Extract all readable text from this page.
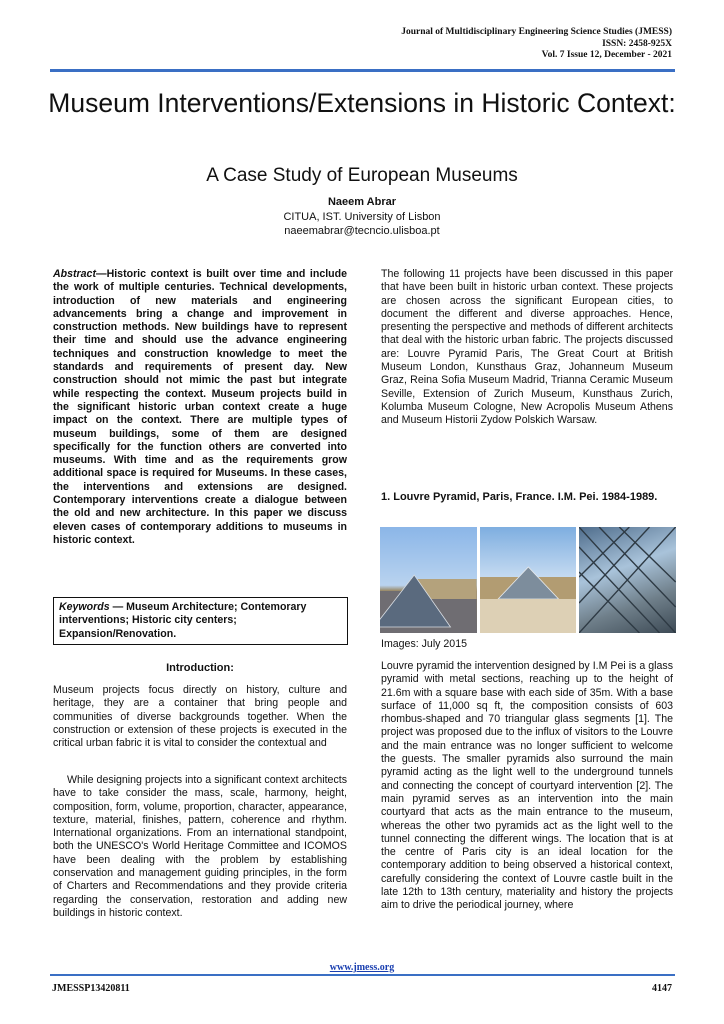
Journal of Multidisciplinary Engineering Science Studies (JMESS)
ISSN: 2458-925X
Vol. 7 Issue 12, December - 2021
Museum Interventions/Extensions in Historic Context:
A Case Study of European Museums
Naeem Abrar
CITUA, IST. University of Lisbon
naeemabrar@tecncio.ulisboa.pt
Abstract—Historic context is built over time and include the work of multiple centuries. Technical developments, introduction of new materials and engineering advancements bring a change and improvement in construction methods. New buildings have to represent their time and should use the advance engineering techniques and construction knowledge to meet the standards and requirements of present day. New construction should not mimic the past but integrate while respecting the context. Museum projects build in the significant historic urban context create a huge impact on the context. There are multiple types of museum buildings, some of them are designed specifically for the function others are converted into museums. With time and as the requirements grow additional space is required for Museums. In these cases, the interventions and extensions are designed. Contemporary interventions create a dialogue between the old and new architecture. In this paper we discuss eleven cases of contemporary additions to museums in historic context.
Keywords — Museum Architecture; Contemorary interventions; Historic city centers; Expansion/Renovation.
Introduction:
Museum projects focus directly on history, culture and heritage, they are a container that bring people and communities of diverse backgrounds together. When the construction or extension of these projects is executed in the critical urban fabric it is vital to consider the contextual and
While designing projects into a significant context architects have to take consider the mass, scale, harmony, height, composition, form, volume, proportion, character, appearance, texture, material, finishes, pattern, coherence and rhythm. International organizations. From an international standpoint, both the UNESCO's World Heritage Committee and ICOMOS have been dealing with the problem by establishing conservation and management guiding principles, in the form of Charters and Recommendations and they provide criteria regarding the conservation, restoration and adding new buildings in historic context.
The following 11 projects have been discussed in this paper that have been built in historic urban context. These projects are chosen across the significant European cities, to document the different and diverse approaches. Hence, presenting the perspective and methods of different architects that deal with the historic urban fabric. The projects discussed are: Louvre Pyramid Paris, The Great Court at British Museum London, Kunsthaus Graz, Johanneum Museum Graz, Reina Sofia Museum Madrid, Trianna Ceramic Museum Seville, Extension of Zurich Museum, Kunsthaus Zurich, Kolumba Museum Cologne, New Acropolis Museum Athens and Museum Historii Zydow Polskich Warsaw.
1. Louvre Pyramid, Paris, France. I.M. Pei. 1984-1989.
Images: July 2015
Louvre pyramid the intervention designed by I.M Pei is a glass pyramid with metal sections, reaching up to the height of 21.6m with a square base with each side of 35m. With a base surface of 11,000 sq ft, the composition consists of 603 rhombus-shaped and 70 triangular glass segments [1]. The project was proposed due to the influx of visitors to the Louvre and the main entrance was no longer sufficient to welcome the guests. The smaller pyramids also surround the main pyramid acting as the light well to the underground tunnels and connecting the concept of courtyard intervention [2]. The main pyramid serves as an intervention into the main courtyard that acts as the main entrance to the museum, whereas the other two pyramids act as the light well to the tunnel connecting the different wings. The location that is at the centre of Paris city is an ideal location for the contemporary addition to being observed a historical context, carefully considering the context of Louvre castle built in the late 12th to 13th century, materiality and history the projects aim to drive the periodical journey, where
www.jmess.org
JMESSP13420811	4147
